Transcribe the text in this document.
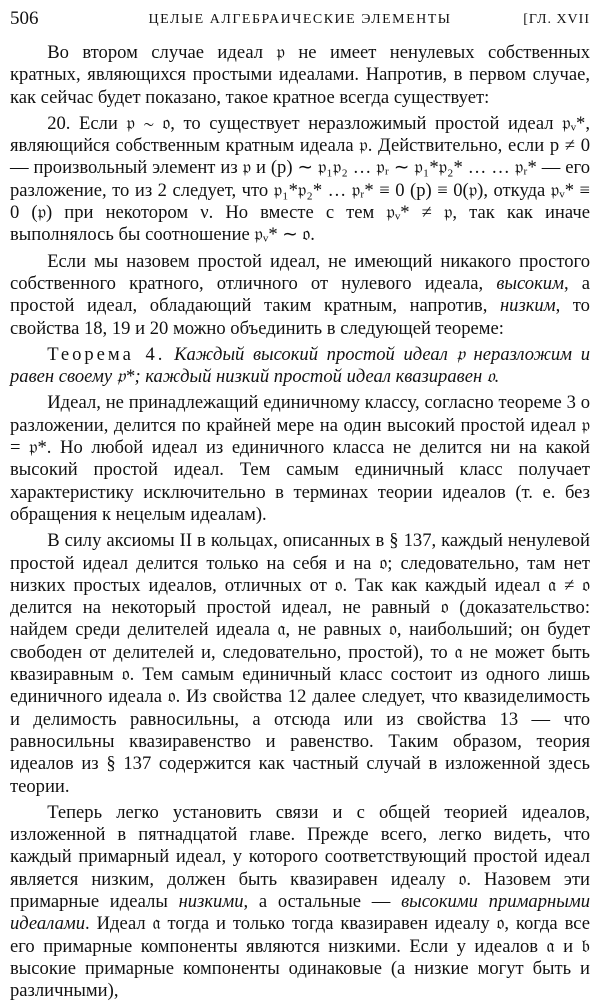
506	ЦЕЛЫЕ АЛГЕБРАИЧЕСКИЕ ЭЛЕМЕНТЫ	[ГЛ. XVII

Во втором случае идеал 𝔭 не имеет ненулевых собственных кратных, являющихся простыми идеалами. Напротив, в первом случае, как сейчас будет показано, такое кратное всегда существует:

20. Если 𝔭 ∼ 𝔬, то существует неразложимый простой идеал 𝔭ᵥ*, являющийся собственным кратным идеала 𝔭. Действительно, если p ≠ 0 — произвольный элемент из 𝔭 и (p) ∼ 𝔭₁𝔭₂ … 𝔭ᵣ ∼ 𝔭₁*𝔭₂* … … 𝔭ᵣ* — его разложение, то из 2 следует, что 𝔭₁*𝔭₂* … 𝔭ᵣ* ≡ 0 (p) ≡ 0(𝔭), откуда 𝔭ᵥ* ≡ 0 (𝔭) при некотором ν. Но вместе с тем 𝔭ᵥ* ≠ 𝔭, так как иначе выполнялось бы соотношение 𝔭ᵥ* ∼ 𝔬.

Если мы назовем простой идеал, не имеющий никакого простого собственного кратного, отличного от нулевого идеала, высоким, а простой идеал, обладающий таким кратным, напротив, низким, то свойства 18, 19 и 20 можно объединить в следующей теореме:

Теорема 4. Каждый высокий простой идеал 𝔭 неразложим и равен своему 𝔭*; каждый низкий простой идеал квазиравен 𝔬.

Идеал, не принадлежащий единичному классу, согласно теореме 3 о разложении, делится по крайней мере на один высокий простой идеал 𝔭 = 𝔭*. Но любой идеал из единичного класса не делится ни на какой высокий простой идеал. Тем самым единичный класс получает характеристику исключительно в терминах теории идеалов (т. е. без обращения к нецелым идеалам).

В силу аксиомы II в кольцах, описанных в § 137, каждый ненулевой простой идеал делится только на себя и на 𝔬; следовательно, там нет низких простых идеалов, отличных от 𝔬. Так как каждый идеал 𝔞 ≠ 𝔬 делится на некоторый простой идеал, не равный 𝔬 (доказательство: найдем среди делителей идеала 𝔞, не равных 𝔬, наибольший; он будет свободен от делителей и, следовательно, простой), то 𝔞 не может быть квазиравным 𝔬. Тем самым единичный класс состоит из одного лишь единичного идеала 𝔬. Из свойства 12 далее следует, что квазиделимость и делимость равносильны, а отсюда или из свойства 13 — что равносильны квазиравенство и равенство. Таким образом, теория идеалов из § 137 содержится как частный случай в изложенной здесь теории.

Теперь легко установить связи и с общей теорией идеалов, изложенной в пятнадцатой главе. Прежде всего, легко видеть, что каждый примарный идеал, у которого соответствующий простой идеал является низким, должен быть квазиравен идеалу 𝔬. Назовем эти примарные идеалы низкими, а остальные — высокими примарными идеалами. Идеал 𝔞 тогда и только тогда квазиравен идеалу 𝔬, когда все его примарные компоненты являются низкими. Если у идеалов 𝔞 и 𝔟 высокие примарные компоненты одинаковые (а низкие могут быть и различными),
